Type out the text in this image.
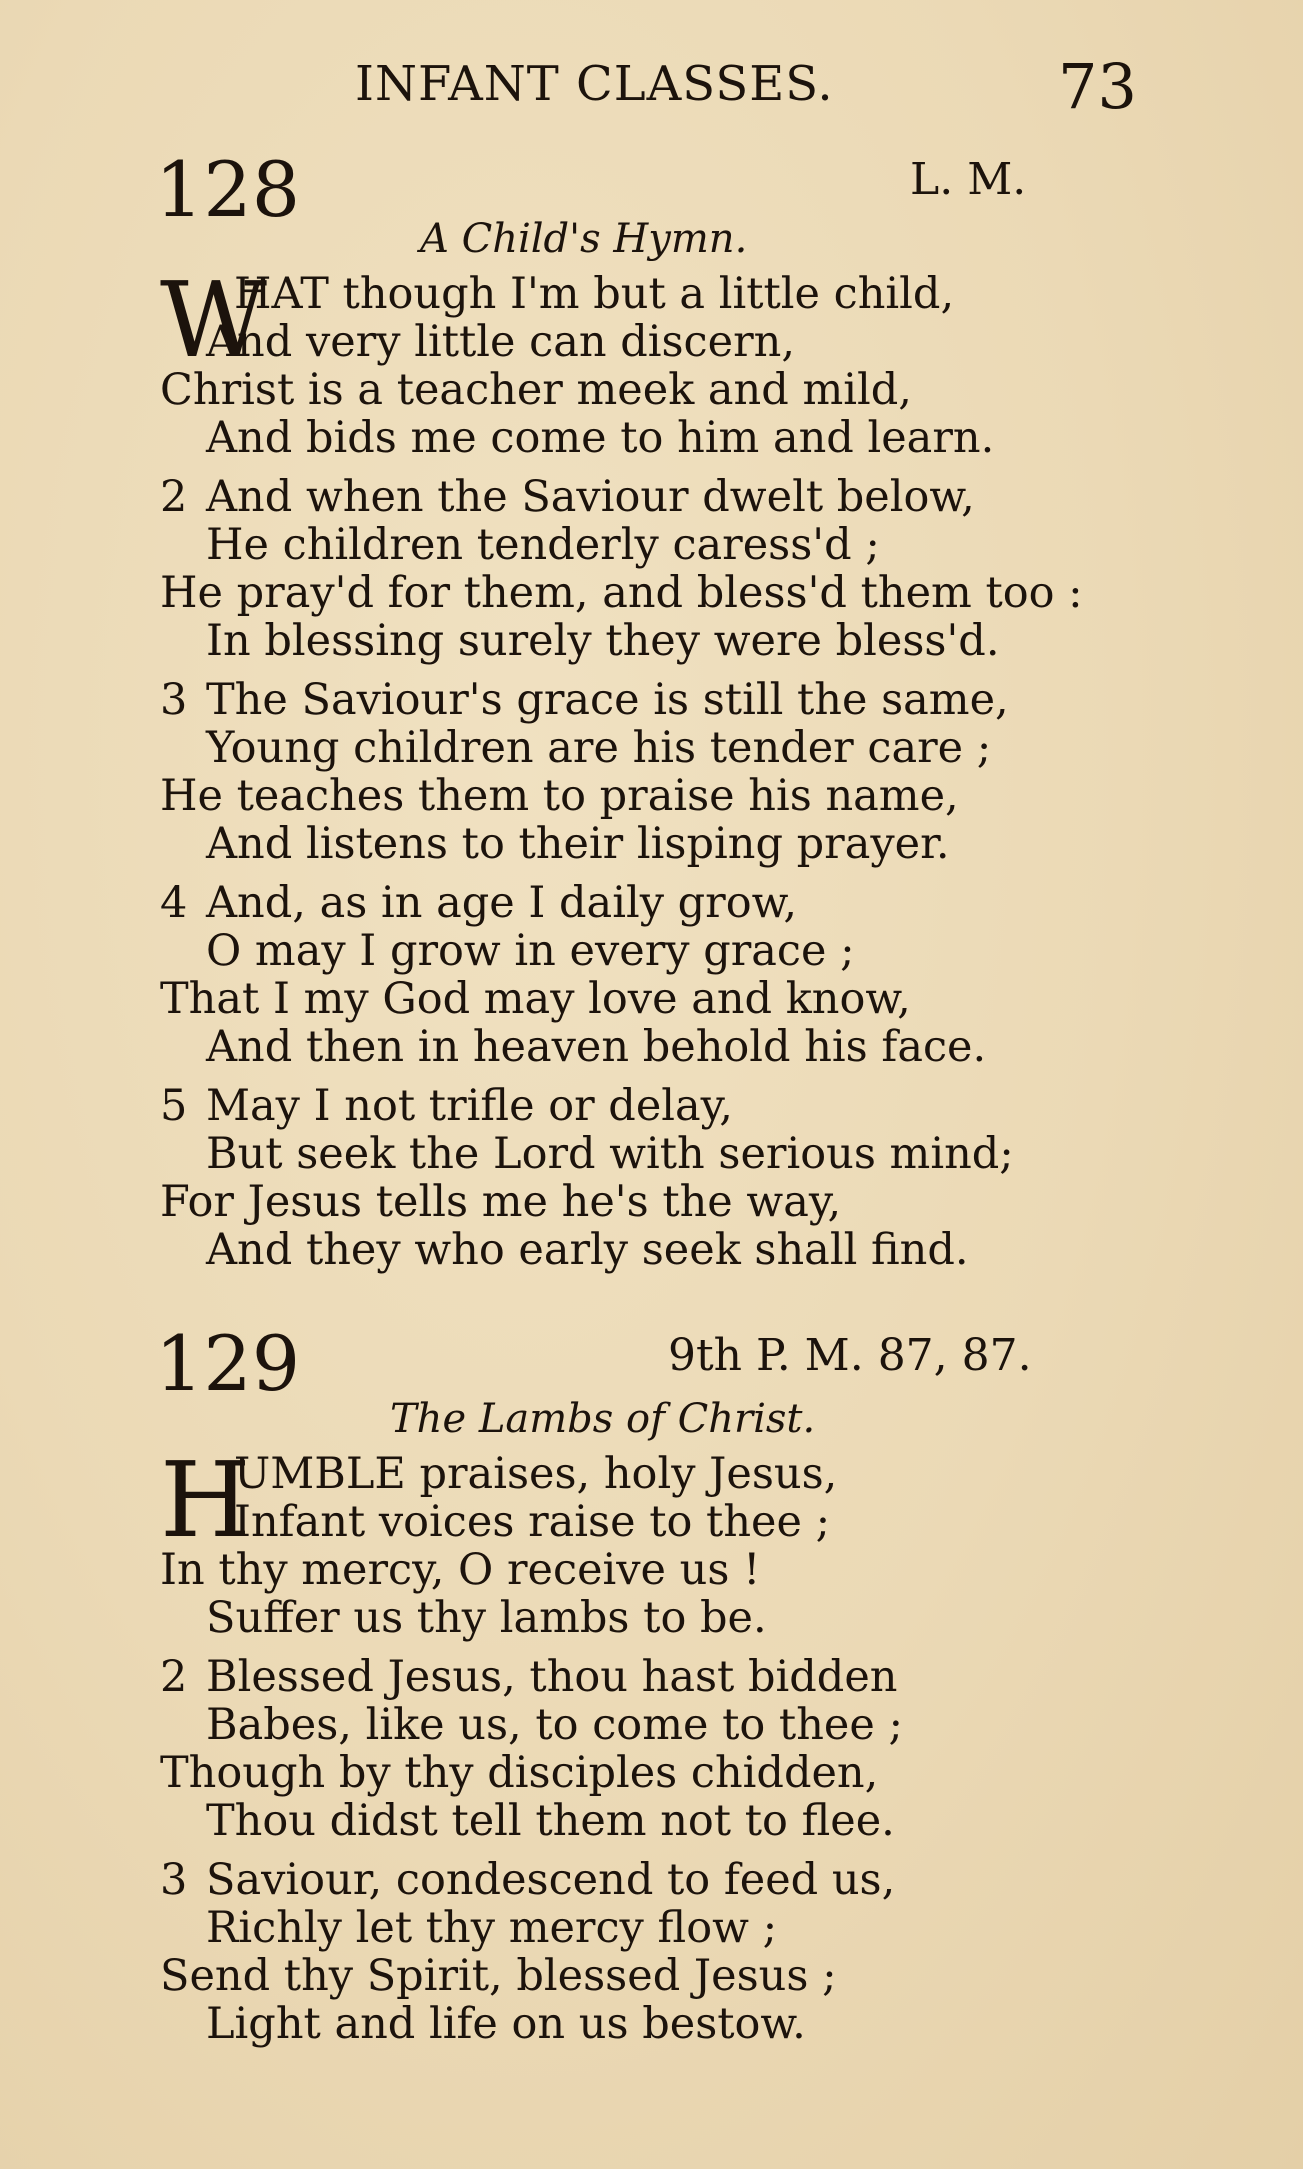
INFANT CLASSES.	73
128	L. M.
A Child's Hymn.
W
HAT though I'm but a little child,
And very little can discern,
Christ is a teacher meek and mild,
And bids me come to him and learn.
2 And when the Saviour dwelt below,
He children tenderly caress'd ;
He pray'd for them, and bless'd them too :
In blessing surely they were bless'd.
3 The Saviour's grace is still the same,
Young children are his tender care ;
He teaches them to praise his name,
And listens to their lisping prayer.
4 And, as in age I daily grow,
O may I grow in every grace ;
That I my God may love and know,
And then in heaven behold his face.
5 May I not trifle or delay,
But seek the Lord with serious mind;
For Jesus tells me he's the way,
And they who early seek shall find.
129	9th P. M. 87, 87.
The Lambs of Christ.
H
UMBLE praises, holy Jesus,
Infant voices raise to thee ;
In thy mercy, O receive us !
Suffer us thy lambs to be.
2 Blessed Jesus, thou hast bidden
Babes, like us, to come to thee ;
Though by thy disciples chidden,
Thou didst tell them not to flee.
3 Saviour, condescend to feed us,
Richly let thy mercy flow ;
Send thy Spirit, blessed Jesus ;
Light and life on us bestow.
